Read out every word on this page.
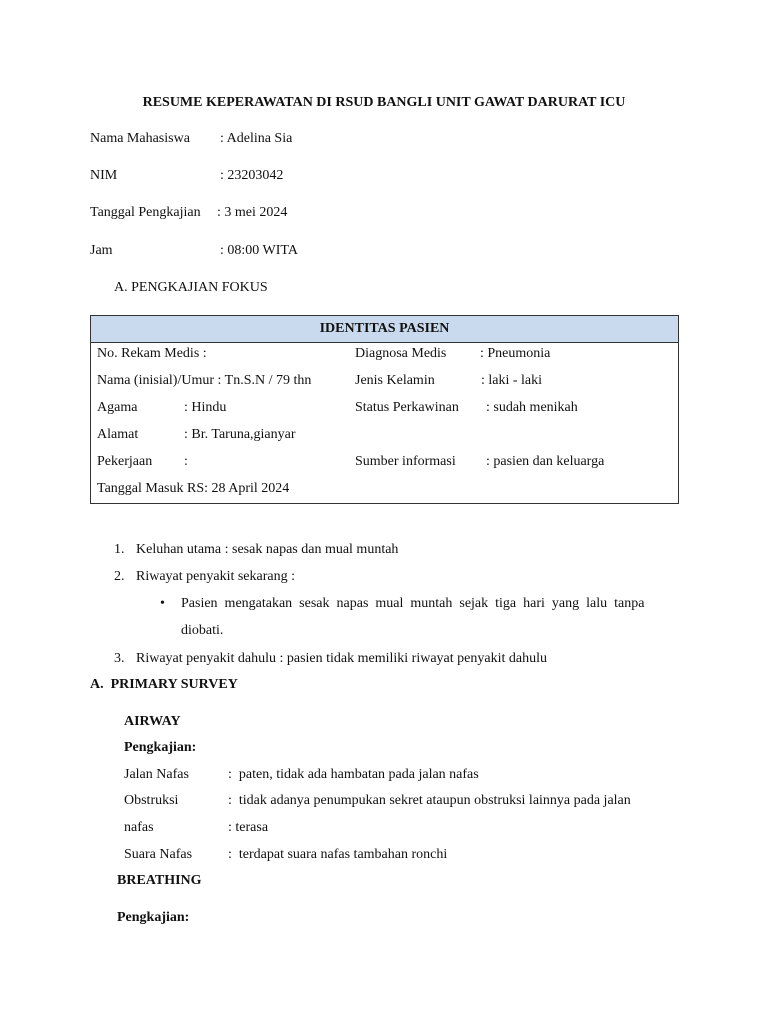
RESUME KEPERAWATAN DI RSUD BANGLI UNIT GAWAT DARURAT ICU
Nama Mahasiswa : Adelina Sia
NIM	: 23203042
Tanggal Pengkajian : 3 mei 2024
Jam	: 08:00 WITA
A. PENGKAJIAN FOKUS
IDENTITAS PASIEN

No. Rekam Medis :	Diagnosa Medis : Pneumonia
Nama (inisial)/Umur : Tn.S.N / 79 thn	Jenis Kelamin	: laki - laki
Agama	: Hindu	Status Perkawinan : sudah menikah
Alamat	: Br. Taruna,gianyar
Pekerjaan :	Sumber informasi : pasien dan keluarga
Tanggal Masuk RS: 28 April 2024
1. Keluhan utama : sesak napas dan mual muntah
2. Riwayat penyakit sekarang :
• Pasien  mengatakan  sesak  napas  mual  muntah  sejak  tiga  hari  yang  lalu  tanpa
diobati.
3. Riwayat penyakit dahulu : pasien tidak memiliki riwayat penyakit dahulu
A.  PRIMARY SURVEY
AIRWAY
Pengkajian:
Jalan Nafas	:  paten, tidak ada hambatan pada jalan nafas
Obstruksi	:  tidak adanya penumpukan sekret ataupun obstruksi lainnya pada jalan
nafas	: terasa
Suara Nafas	:  terdapat suara nafas tambahan ronchi
BREATHING
Pengkajian:
